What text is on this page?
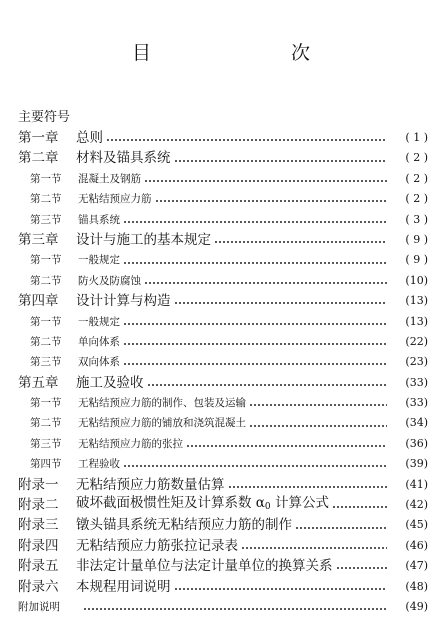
目　　次
主要符号
第一章	总则	( 1 )
第二章	材料及锚具系统	( 2 )
第一节	混凝土及钢筋	( 2 )
第二节	无粘结预应力筋	( 2 )
第三节	锚具系统	( 3 )
第三章	设计与施工的基本规定	( 9 )
第一节	一般规定	( 9 )
第二节	防火及防腐蚀	(10)
第四章	设计计算与构造	(13)
第一节	一般规定	(13)
第二节	单向体系	(22)
第三节	双向体系	(23)
第五章	施工及验收	(33)
第一节	无粘结预应力筋的制作、包装及运输	(33)
第二节	无粘结预应力筋的铺放和浇筑混凝土	(34)
第三节	无粘结预应力筋的张拉	(36)
第四节	工程验收	(39)
附录一	无粘结预应力筋数量估算	(41)
附录二	破坏截面极惯性矩及计算系数 $\alpha_0$ 计算公式	(42)
附录三	镦头锚具系统无粘结预应力筋的制作	(45)
附录四	无粘结预应力筋张拉记录表	(46)
附录五	非法定计量单位与法定计量单位的换算关系	(47)
附录六	本规程用词说明	(48)
附加说明	(49)
